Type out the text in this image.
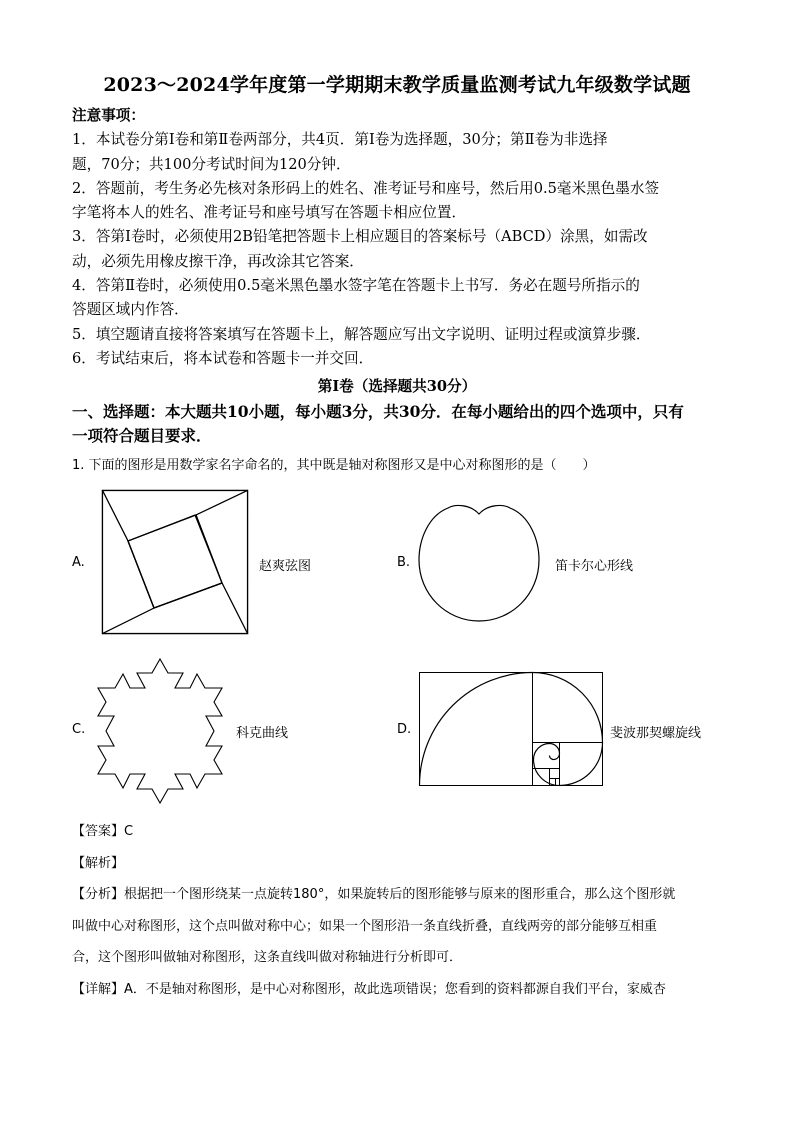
2023～2024学年度第一学期期末教学质量监测考试九年级数学试题

注意事项：

1．本试卷分第Ⅰ卷和第Ⅱ卷两部分，共4页．第Ⅰ卷为选择题，30分；第Ⅱ卷为非选择

题，70分；共100分考试时间为120分钟．

2．答题前，考生务必先核对条形码上的姓名、准考证号和座号，然后用0.5毫米黑色墨水签

字笔将本人的姓名、准考证号和座号填写在答题卡相应位置．

3．答第Ⅰ卷时，必须使用2B铅笔把答题卡上相应题目的答案标号（ABCD）涂黑，如需改

动，必须先用橡皮擦干净，再改涂其它答案．

4．答第Ⅱ卷时，必须使用0.5毫米黑色墨水签字笔在答题卡上书写．务必在题号所指示的

答题区域内作答．

5．填空题请直接将答案填写在答题卡上，解答题应写出文字说明、证明过程或演算步骤．

6．考试结束后，将本试卷和答题卡一并交回．

第Ⅰ卷（选择题共30分）
一、选择题：本大题共10小题，每小题3分，共30分．在每小题给出的四个选项中，只有
一项符合题目要求．
1. 下面的图形是用数学家名字命名的，其中既是轴对称图形又是中心对称图形的是（　　）
A.	赵爽弦图	B.	笛卡尔心形线
C.	科克曲线	D.	斐波那契螺旋线
【答案】C
【解析】

【分析】根据把一个图形绕某一点旋转180°，如果旋转后的图形能够与原来的图形重合，那么这个图形就

叫做中心对称图形，这个点叫做对称中心；如果一个图形沿一条直线折叠，直线两旁的部分能够互相重

合，这个图形叫做轴对称图形，这条直线叫做对称轴进行分析即可．

【详解】A．不是轴对称图形，是中心对称图形，故此选项错误；您看到的资料都源自我们平台，家威杏
